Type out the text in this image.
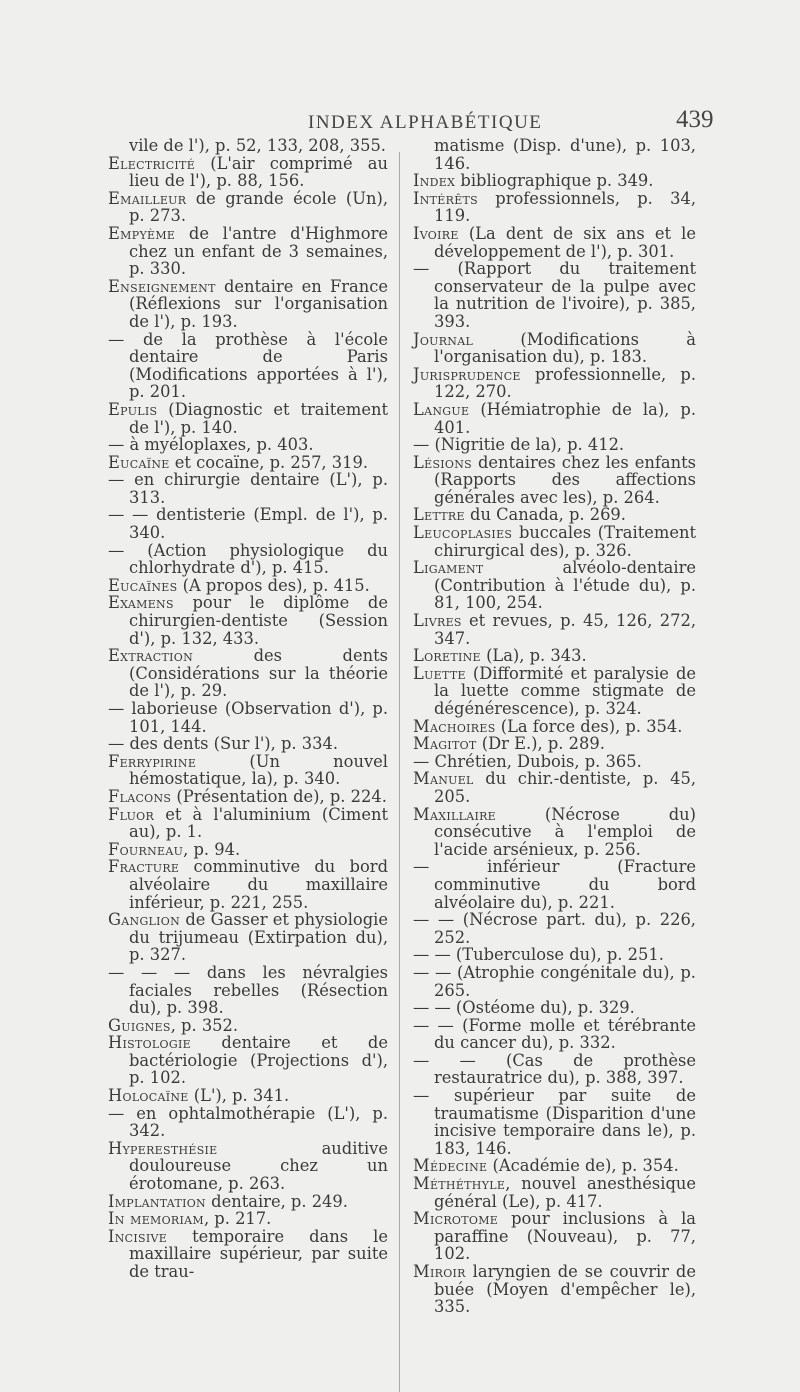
INDEX ALPHABÉTIQUE	439

vile de l'), p. 52, 133, 208, 355.

Electricité (L'air comprimé au lieu de l'), p. 88, 156.

Emailleur de grande école (Un), p. 273.

Empyème de l'antre d'Highmore chez un enfant de 3 semaines, p. 330.

Enseignement dentaire en France (Réflexions sur l'organisation de l'), p. 193.

— de la prothèse à l'école dentaire de Paris (Modifications apportées à l'), p. 201.

Epulis (Diagnostic et traitement de l'), p. 140.

— à myéloplaxes, p. 403.

Eucaïne et cocaïne, p. 257, 319.

— en chirurgie dentaire (L'), p. 313.

— — dentisterie (Empl. de l'), p. 340.

— (Action physiologique du chlorhydrate d'), p. 415.

Eucaïnes (A propos des), p. 415.

Examens pour le diplôme de chirurgien-dentiste (Session d'), p. 132, 433.

Extraction des dents (Considérations sur la théorie de l'), p. 29.

— laborieuse (Observation d'), p. 101, 144.

— des dents (Sur l'), p. 334.

Ferrypirine (Un nouvel hémostatique, la), p. 340.

Flacons (Présentation de), p. 224.

Fluor et à l'aluminium (Ciment au), p. 1.

Fourneau, p. 94.

Fracture comminutive du bord alvéolaire du maxillaire inférieur, p. 221, 255.

Ganglion de Gasser et physiologie du trijumeau (Extirpation du), p. 327.

— — — dans les névralgies faciales rebelles (Résection du), p. 398.

Guignes, p. 352.

Histologie dentaire et de bactériologie (Projections d'), p. 102.

Holocaïne (L'), p. 341.

— en ophtalmothérapie (L'), p. 342.

Hyperesthésie auditive douloureuse chez un érotomane, p. 263.

Implantation dentaire, p. 249.

In memoriam, p. 217.

Incisive temporaire dans le maxillaire supérieur, par suite de trau-

matisme (Disp. d'une), p. 103, 146.

Index bibliographique p. 349.

Intérêts professionnels, p. 34, 119.

Ivoire (La dent de six ans et le développement de l'), p. 301.

— (Rapport du traitement conservateur de la pulpe avec la nutrition de l'ivoire), p. 385, 393.

Journal (Modifications à l'organisation du), p. 183.

Jurisprudence professionnelle, p. 122, 270.

Langue (Hémiatrophie de la), p. 401.

— (Nigritie de la), p. 412.

Lésions dentaires chez les enfants (Rapports des affections générales avec les), p. 264.

Lettre du Canada, p. 269.

Leucoplasies buccales (Traitement chirurgical des), p. 326.

Ligament alvéolo-dentaire (Contribution à l'étude du), p. 81, 100, 254.

Livres et revues, p. 45, 126, 272, 347.

Loretine (La), p. 343.

Luette (Difformité et paralysie de la luette comme stigmate de dégénérescence), p. 324.

Machoires (La force des), p. 354.

Magitot (Dr E.), p. 289.

— Chrétien, Dubois, p. 365.

Manuel du chir.-dentiste, p. 45, 205.

Maxillaire (Nécrose du) consécutive à l'emploi de l'acide arsénieux, p. 256.

— inférieur (Fracture comminutive du bord alvéolaire du), p. 221.

— — (Nécrose part. du), p. 226, 252.

— — (Tuberculose du), p. 251.

— — (Atrophie congénitale du), p. 265.

— — (Ostéome du), p. 329.

— — (Forme molle et térébrante du cancer du), p. 332.

— — (Cas de prothèse restauratrice du), p. 388, 397.

— supérieur par suite de traumatisme (Disparition d'une incisive temporaire dans le), p. 183, 146.

Médecine (Académie de), p. 354.

Méthéthyle, nouvel anesthésique général (Le), p. 417.

Microtome pour inclusions à la paraffine (Nouveau), p. 77, 102.

Miroir laryngien de se couvrir de buée (Moyen d'empêcher le), 335.
